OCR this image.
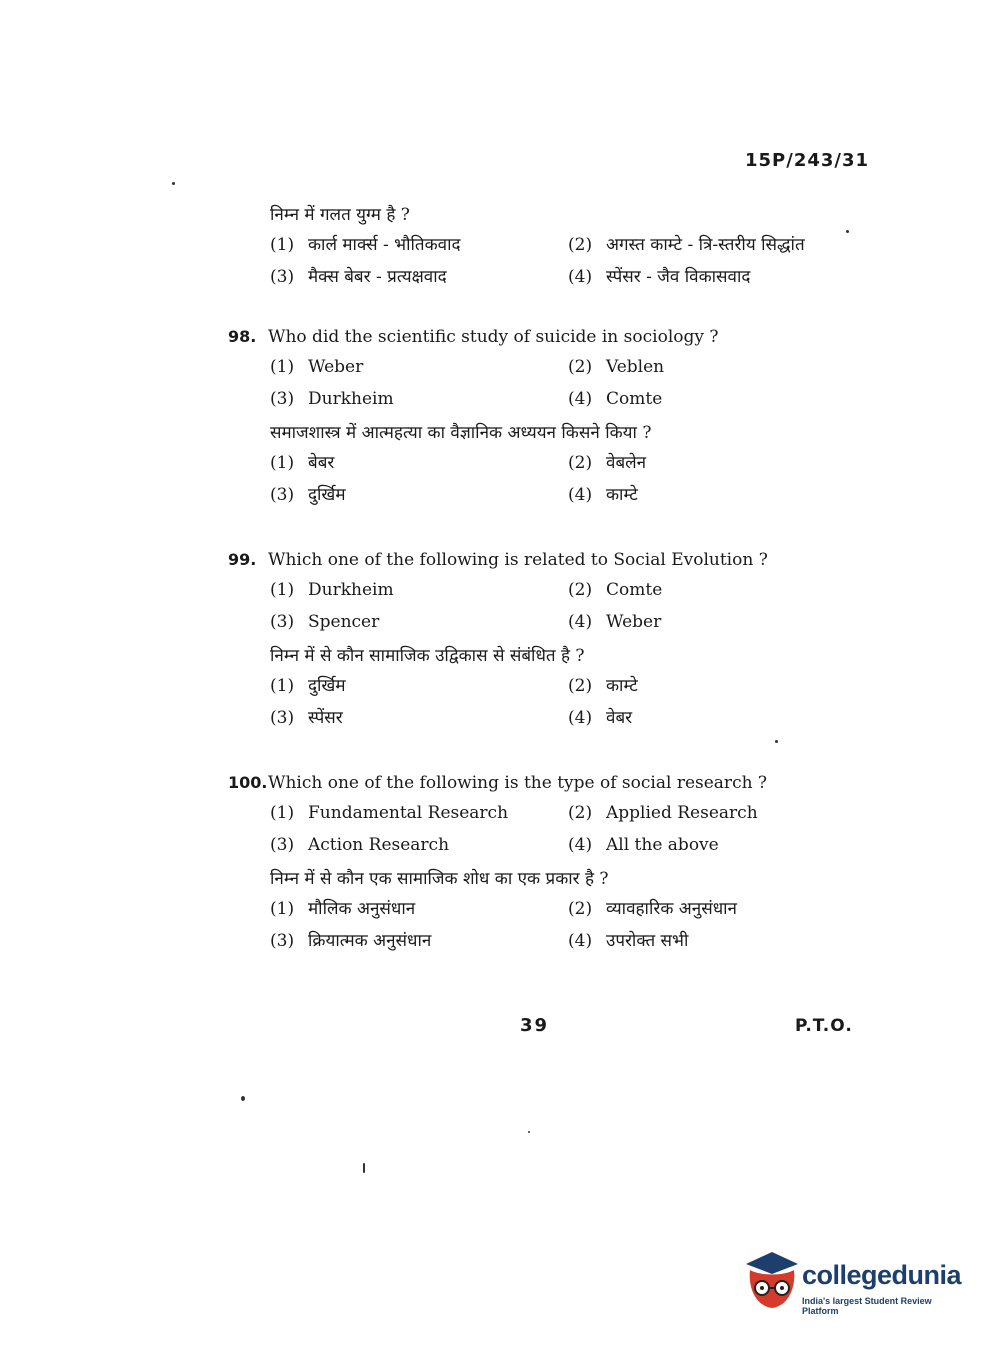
15P/243/31
निम्न में गलत युग्म है ?
(1) कार्ल मार्क्स - भौतिकवाद	(2) अगस्त काम्टे - त्रि-स्तरीय सिद्धांत
(3) मैक्स बेबर - प्रत्यक्षवाद	(4) स्पेंसर - जैव विकासवाद
98. Who did the scientific study of suicide in sociology ?
(1) Weber	(2) Veblen
(3) Durkheim	(4) Comte
समाजशास्त्र में आत्महत्या का वैज्ञानिक अध्ययन किसने किया ?
(1) बेबर	(2) वेबलेन
(3) दुर्खिम	(4) काम्टे
99. Which one of the following is related to Social Evolution ?
(1) Durkheim	(2) Comte
(3) Spencer	(4) Weber
निम्न में से कौन सामाजिक उद्विकास से संबंधित है ?
(1) दुर्खिम	(2) काम्टे
(3) स्पेंसर	(4) वेबर
100.Which one of the following is the type of social research ?
(1) Fundamental Research	(2) Applied Research
(3) Action Research	(4) All the above
निम्न में से कौन एक सामाजिक शोध का एक प्रकार है ?
(1) मौलिक अनुसंधान	(2) व्यावहारिक अनुसंधान
(3) क्रियात्मक अनुसंधान	(4) उपरोक्त सभी
39	P.T.O.
collegedunia
India's largest Student Review Platform
